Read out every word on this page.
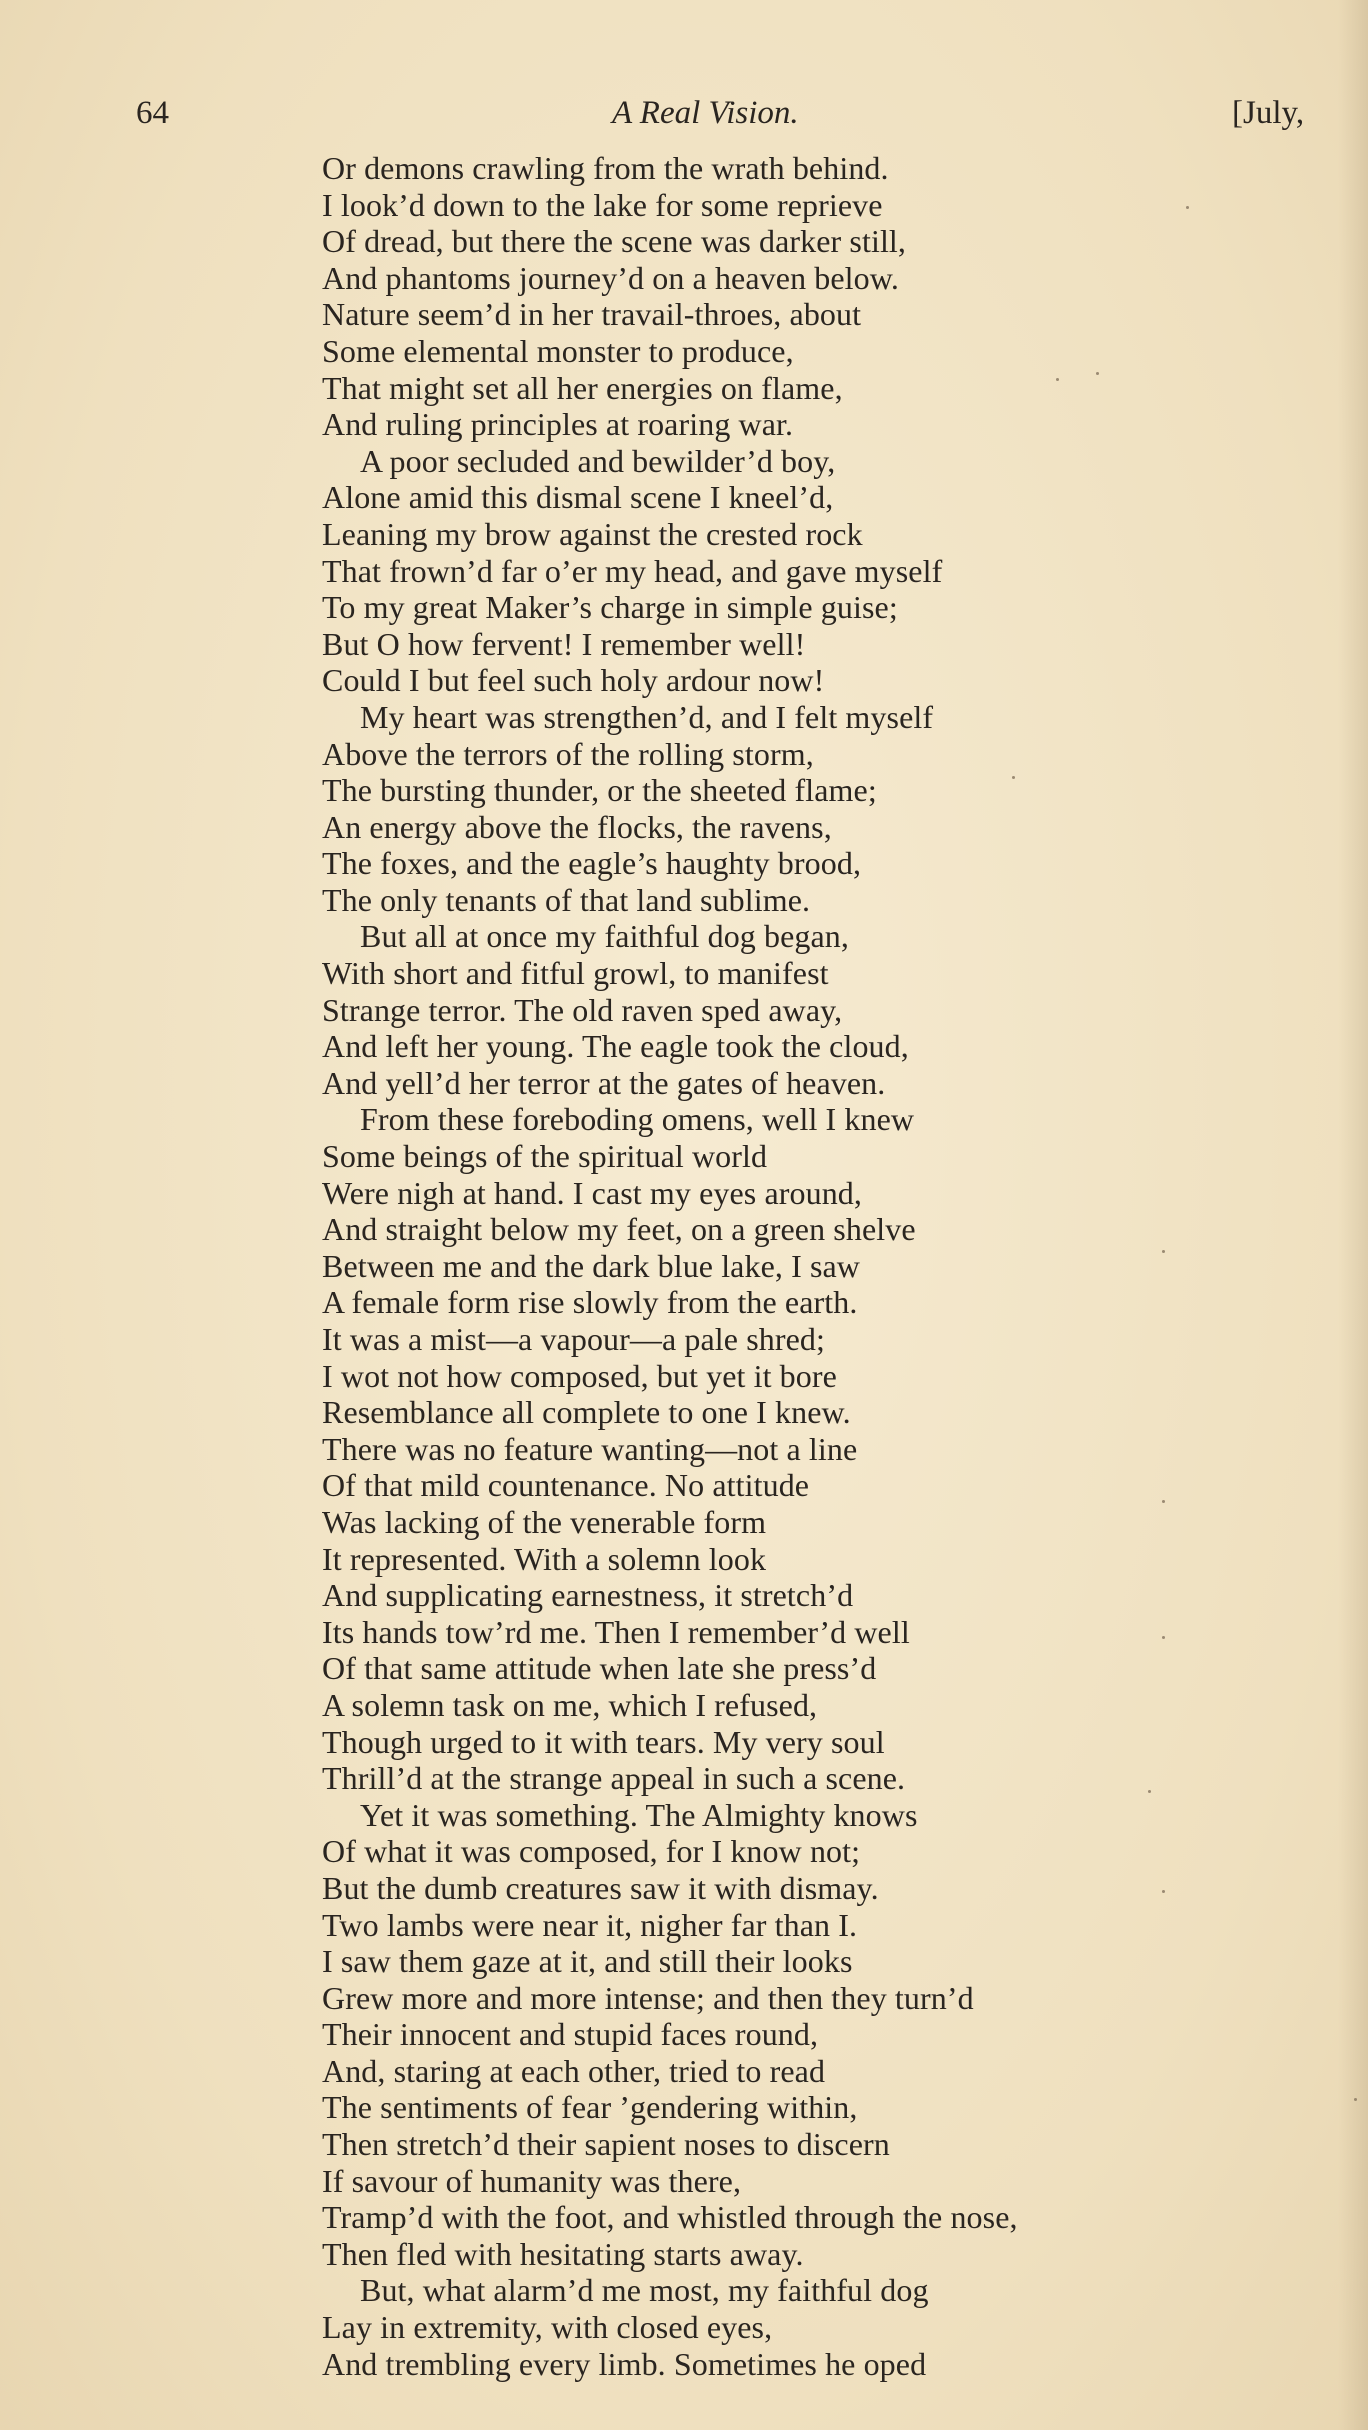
64	A Real Vision.	[July,
Or demons crawling from the wrath behind.
I look’d down to the lake for some reprieve
Of dread, but there the scene was darker still,
And phantoms journey’d on a heaven below.
Nature seem’d in her travail-throes, about
Some elemental monster to produce,
That might set all her energies on flame,
And ruling principles at roaring war.
A poor secluded and bewilder’d boy,
Alone amid this dismal scene I kneel’d,
Leaning my brow against the crested rock
That frown’d far o’er my head, and gave myself
To my great Maker’s charge in simple guise;
But O how fervent! I remember well!
Could I but feel such holy ardour now!
My heart was strengthen’d, and I felt myself
Above the terrors of the rolling storm,
The bursting thunder, or the sheeted flame;
An energy above the flocks, the ravens,
The foxes, and the eagle’s haughty brood,
The only tenants of that land sublime.
But all at once my faithful dog began,
With short and fitful growl, to manifest
Strange terror. The old raven sped away,
And left her young. The eagle took the cloud,
And yell’d her terror at the gates of heaven.
From these foreboding omens, well I knew
Some beings of the spiritual world
Were nigh at hand. I cast my eyes around,
And straight below my feet, on a green shelve
Between me and the dark blue lake, I saw
A female form rise slowly from the earth.
It was a mist—a vapour—a pale shred;
I wot not how composed, but yet it bore
Resemblance all complete to one I knew.
There was no feature wanting—not a line
Of that mild countenance. No attitude
Was lacking of the venerable form
It represented. With a solemn look
And supplicating earnestness, it stretch’d
Its hands tow’rd me. Then I remember’d well
Of that same attitude when late she press’d
A solemn task on me, which I refused,
Though urged to it with tears. My very soul
Thrill’d at the strange appeal in such a scene.
Yet it was something. The Almighty knows
Of what it was composed, for I know not;
But the dumb creatures saw it with dismay.
Two lambs were near it, nigher far than I.
I saw them gaze at it, and still their looks
Grew more and more intense; and then they turn’d
Their innocent and stupid faces round,
And, staring at each other, tried to read
The sentiments of fear ’gendering within,
Then stretch’d their sapient noses to discern
If savour of humanity was there,
Tramp’d with the foot, and whistled through the nose,
Then fled with hesitating starts away.
But, what alarm’d me most, my faithful dog
Lay in extremity, with closed eyes,
And trembling every limb. Sometimes he oped
